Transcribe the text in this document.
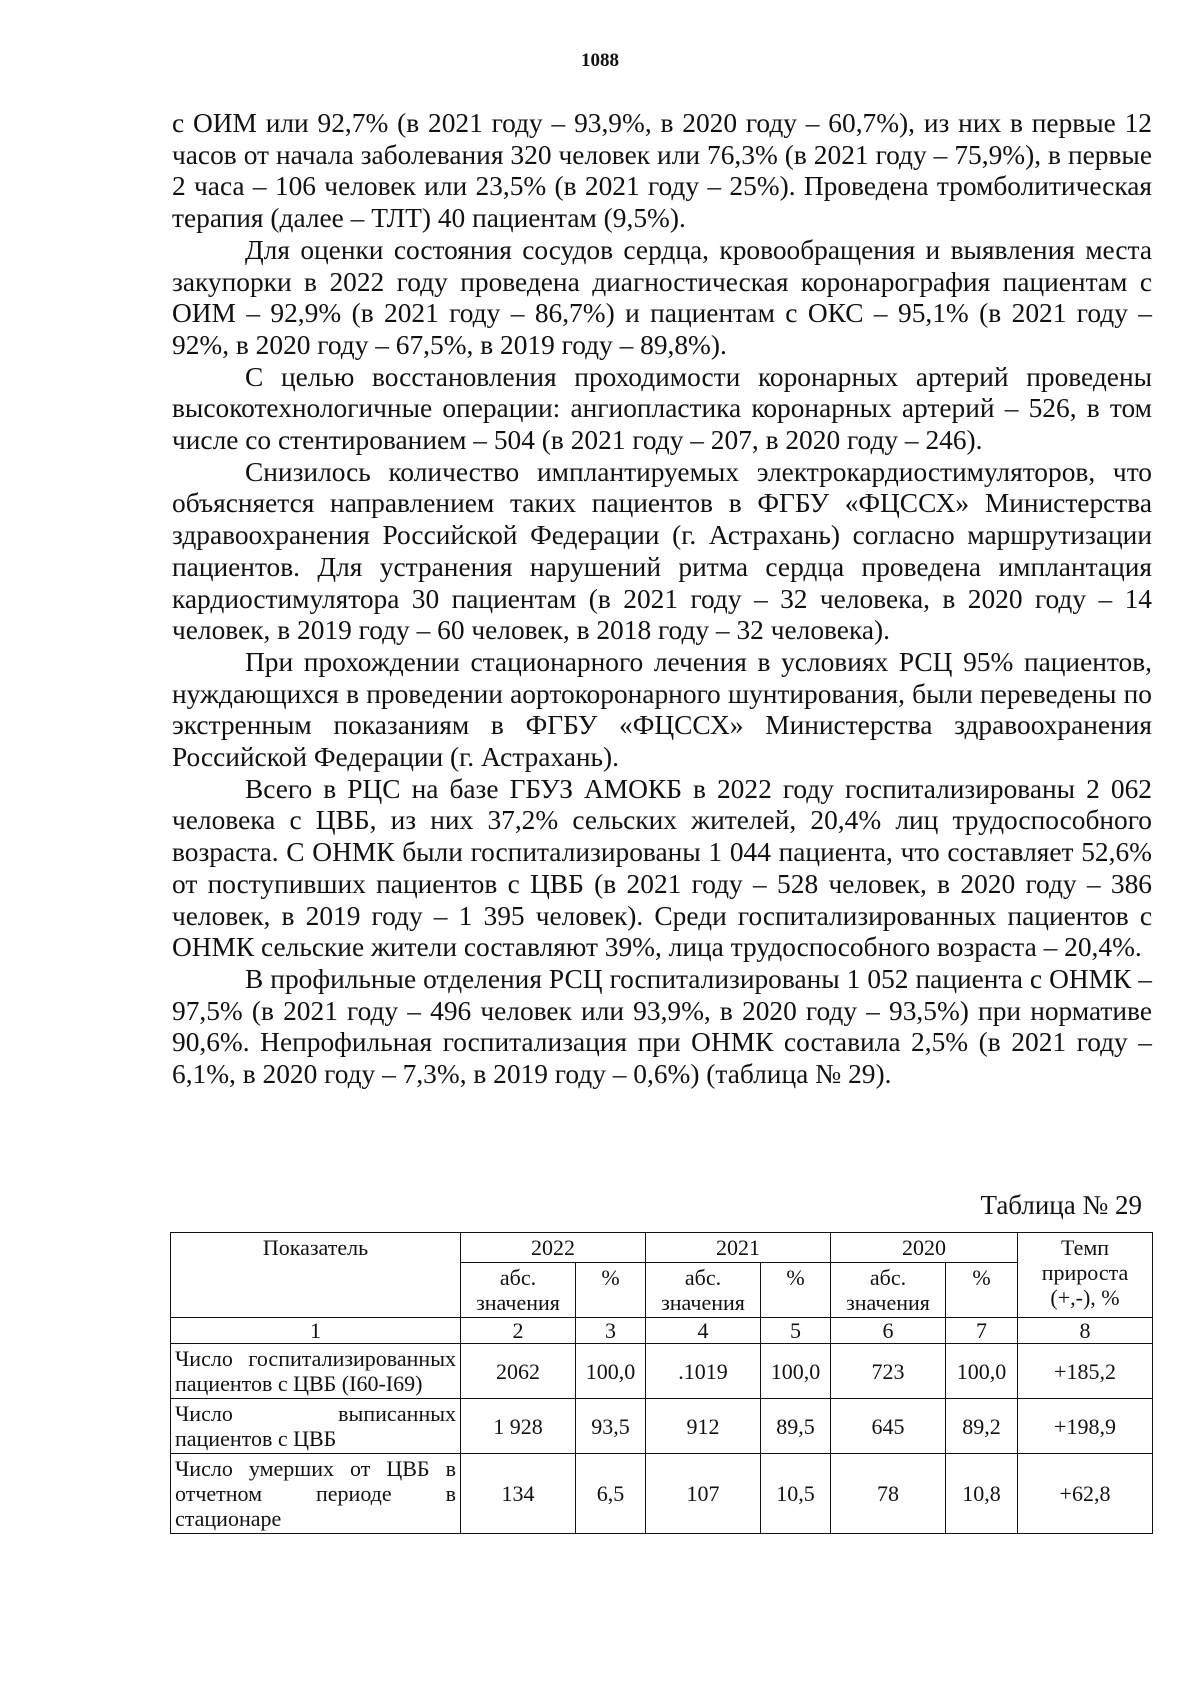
1088

с ОИМ или 92,7% (в 2021 году – 93,9%, в 2020 году – 60,7%), из них в первые 12 часов от начала заболевания 320 человек или 76,3% (в 2021 году – 75,9%), в первые 2 часа – 106 человек или 23,5% (в 2021 году – 25%). Проведена тромболитическая терапия (далее – ТЛТ) 40 пациентам (9,5%).

Для оценки состояния сосудов сердца, кровообращения и выявления места закупорки в 2022 году проведена диагностическая коронарография пациентам с ОИМ – 92,9% (в 2021 году – 86,7%) и пациентам с ОКС – 95,1% (в 2021 году – 92%, в 2020 году – 67,5%, в 2019 году – 89,8%).

С целью восстановления проходимости коронарных артерий проведены высокотехнологичные операции: ангиопластика коронарных артерий – 526, в том числе со стентированием – 504 (в 2021 году – 207, в 2020 году – 246).

Снизилось количество имплантируемых электрокардиостимуляторов, что объясняется направлением таких пациентов в ФГБУ «ФЦССХ» Министерства здравоохранения Российской Федерации (г. Астрахань) согласно маршрутизации пациентов. Для устранения нарушений ритма сердца проведена имплантация кардиостимулятора 30 пациентам (в 2021 году – 32 человека, в 2020 году – 14 человек, в 2019 году – 60 человек, в 2018 году – 32 человека).

При прохождении стационарного лечения в условиях РСЦ 95% пациентов, нуждающихся в проведении аортокоронарного шунтирования, были переведены по экстренным показаниям в ФГБУ «ФЦССХ» Министерства здравоохранения Российской Федерации (г. Астрахань).

Всего в РЦС на базе ГБУЗ АМОКБ в 2022 году госпитализированы 2 062 человека с ЦВБ, из них 37,2% сельских жителей, 20,4% лиц трудоспособного возраста. С ОНМК были госпитализированы 1 044 пациента, что составляет 52,6% от поступивших пациентов с ЦВБ (в 2021 году – 528 человек, в 2020 году – 386 человек, в 2019 году – 1 395 человек). Среди госпитализированных пациентов с ОНМК сельские жители составляют 39%, лица трудоспособного возраста – 20,4%.

В профильные отделения РСЦ госпитализированы 1 052 пациента с ОНМК – 97,5% (в 2021 году – 496 человек или 93,9%, в 2020 году – 93,5%) при нормативе 90,6%. Непрофильная госпитализация при ОНМК составила 2,5% (в 2021 году – 6,1%, в 2020 году – 7,3%, в 2019 году – 0,6%) (таблица № 29).

Таблица № 29
Показатель	2022		2021		2020		Темп прироста (+,-), %
	абс. значения	%	абс. значения	%	абс. значения	%	
1	2	3	4	5	6	7	8
Число госпитализированных пациентов с ЦВБ (I60-I69)	2062	100,0	.1019	100,0	723	100,0	+185,2
Число выписанных пациентов с ЦВБ	1 928	93,5	912	89,5	645	89,2	+198,9
Число умерших от ЦВБ в отчетном периоде в стационаре	134	6,5	107	10,5	78	10,8	+62,8
